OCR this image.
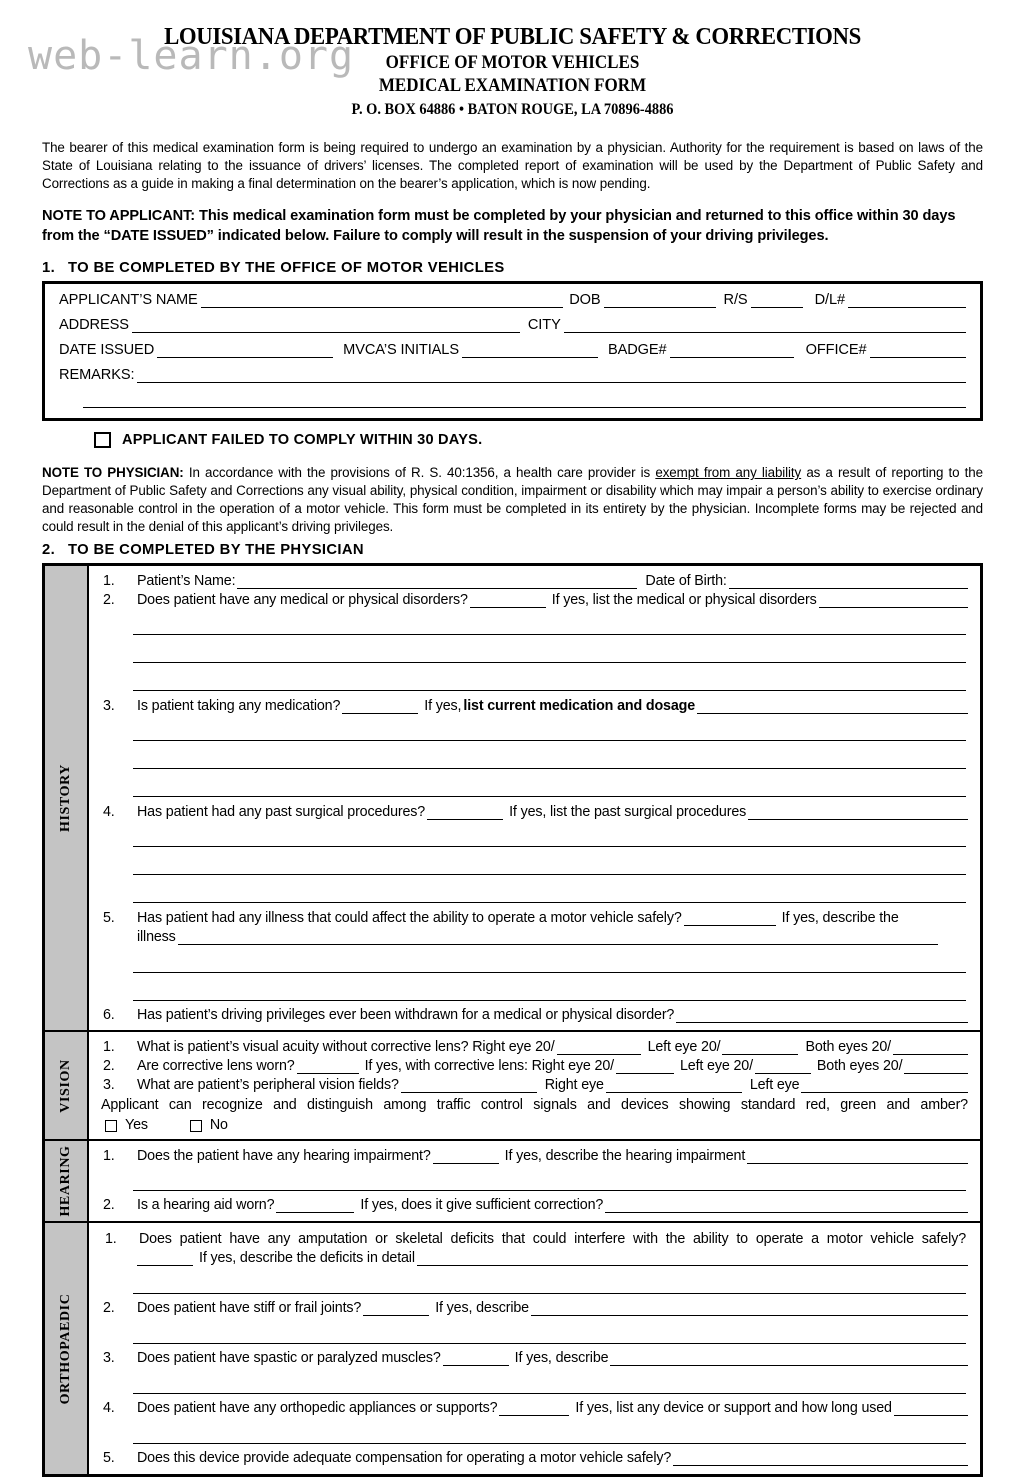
web-learn.org
LOUISIANA DEPARTMENT OF PUBLIC SAFETY & CORRECTIONS
OFFICE OF MOTOR VEHICLES
MEDICAL EXAMINATION FORM
P. O. BOX 64886 • BATON ROUGE, LA 70896-4886
The bearer of this medical examination form is being required to undergo an examination by a physician. Authority for the requirement is based on laws of the State of Louisiana relating to the issuance of drivers’ licenses. The completed report of examination will be used by the Department of Public Safety and Corrections as a guide in making a final determination on the bearer’s application, which is now pending.
NOTE TO APPLICANT: This medical examination form must be completed by your physician and returned to this office within 30 days from the “DATE ISSUED” indicated below. Failure to comply will result in the suspension of your driving privileges.
1. TO BE COMPLETED BY THE OFFICE OF MOTOR VEHICLES
APPLICANT’S NAME	DOB	R/S	D/L#
ADDRESS	CITY
DATE ISSUED	MVCA’S INITIALS	BADGE#	OFFICE#
REMARKS:
APPLICANT FAILED TO COMPLY WITHIN 30 DAYS.
NOTE TO PHYSICIAN: In accordance with the provisions of R. S. 40:1356, a health care provider is exempt from any liability as a result of reporting to the Department of Public Safety and Corrections any visual ability, physical condition, impairment or disability which may impair a person’s ability to exercise ordinary and reasonable control in the operation of a motor vehicle. This form must be completed in its entirety by the physician. Incomplete forms may be rejected and could result in the denial of this applicant’s driving privileges.
2. TO BE COMPLETED BY THE PHYSICIAN
HISTORY
1.	Patient’s Name:	Date of Birth:
2.	Does patient have any medical or physical disorders?	If yes, list the medical or physical disorders
3.	Is patient taking any medication?	If yes, list current medication and dosage
4.	Has patient had any past surgical procedures?	If yes, list the past surgical procedures
5.	Has patient had any illness that could affect the ability to operate a motor vehicle safely?	If yes, describe the
illness
6.	Has patient’s driving privileges ever been withdrawn for a medical or physical disorder?
VISION
1.	What is patient’s visual acuity without corrective lens? Right eye 20/	Left eye 20/	Both eyes 20/
2.	Are corrective lens worn?	If yes, with corrective lens: Right eye 20/	Left eye 20/	Both eyes 20/
3.	What are patient’s peripheral vision fields?	Right eye	Left eye
Applicant can recognize and distinguish among traffic control signals and devices showing standard red, green and amber?
Yes	No
HEARING 1.	Does the patient have any hearing impairment?	If yes, describe the hearing impairment
2.	Is a hearing aid worn?	If yes, does it give sufficient correction?
ORTHOPAEDIC
1.	Does patient have any amputation or skeletal deficits that could interfere with the ability to operate a motor vehicle safely?
If yes, describe the deficits in detail
2.	Does patient have stiff or frail joints?	If yes, describe
3.	Does patient have spastic or paralyzed muscles?	If yes, describe
4.	Does patient have any orthopedic appliances or supports?	If yes, list any device or support and how long used
5.	Does this device provide adequate compensation for operating a motor vehicle safely?
